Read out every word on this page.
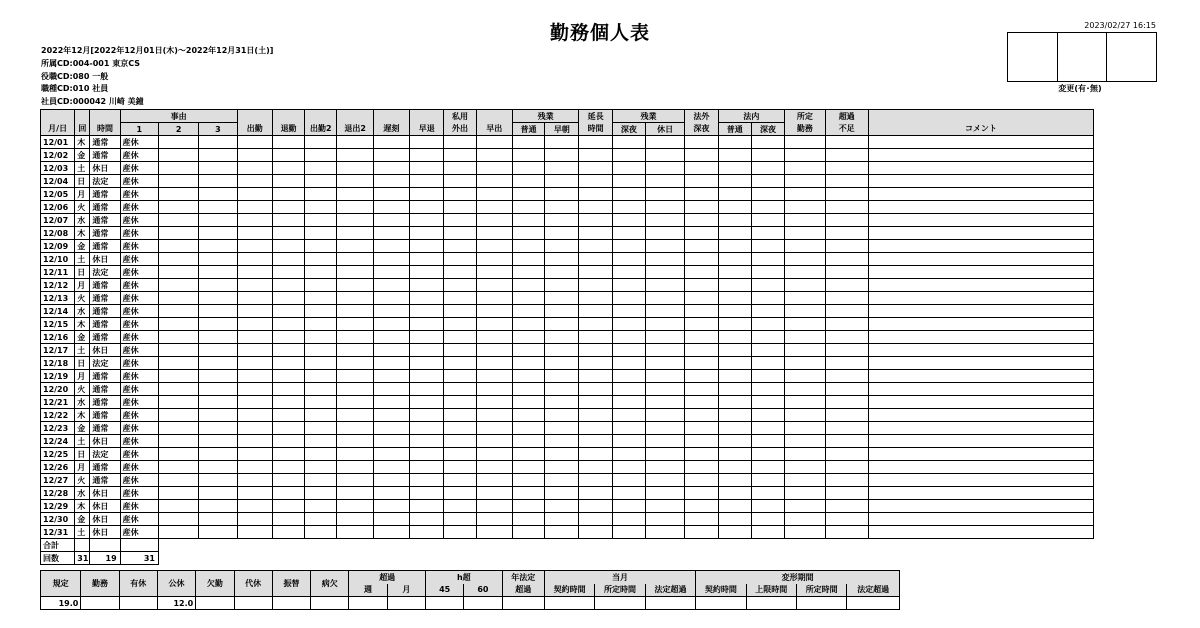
勤務個人表	2023/02/27 16:15
変更(有･無)
2022年12月[2022年12月01日(木)〜2022年12月31日(土)]
所属CD:004-001 東京CS
役職CD:080 一般
職種CD:010 社員
社員CD:000042 川崎 美鐘
			事由									私用		残業		延長	残業		法外	法内		所定	超過	
月/日	回	時間	1	2	3	出勤	退勤	出勤2	退出2	遅刻	早退	外出	早出	普通	早朝	時間	深夜	休日	深夜	普通	深夜	勤務	不足	コメント
12/01	木	通常	産休																					
12/02	金	通常	産休																					
12/03	土	休日	産休																					
12/04	日	法定	産休																					
12/05	月	通常	産休																					
12/06	火	通常	産休																					
12/07	水	通常	産休																					
12/08	木	通常	産休																					
12/09	金	通常	産休																					
12/10	土	休日	産休																					
12/11	日	法定	産休																					
12/12	月	通常	産休																					
12/13	火	通常	産休																					
12/14	水	通常	産休																					
12/15	木	通常	産休																					
12/16	金	通常	産休																					
12/17	土	休日	産休																					
12/18	日	法定	産休																					
12/19	月	通常	産休																					
12/20	火	通常	産休																					
12/21	水	通常	産休																					
12/22	木	通常	産休																					
12/23	金	通常	産休																					
12/24	土	休日	産休																					
12/25	日	法定	産休																					
12/26	月	通常	産休																					
12/27	火	通常	産休																					
12/28	水	休日	産休																					
12/29	木	休日	産休																					
12/30	金	休日	産休																					
12/31	土	休日	産休																					
合計																								
回数	31	19	31																					
規定	勤務	有休	公休	欠勤	代休	振替	病欠	超過		h超		年法定	当月			変形期間			
								週	月	45	60	超過	契約時間	所定時間	法定超過	契約時間	上限時間	所定時間	法定超過
19.0			12.0																
